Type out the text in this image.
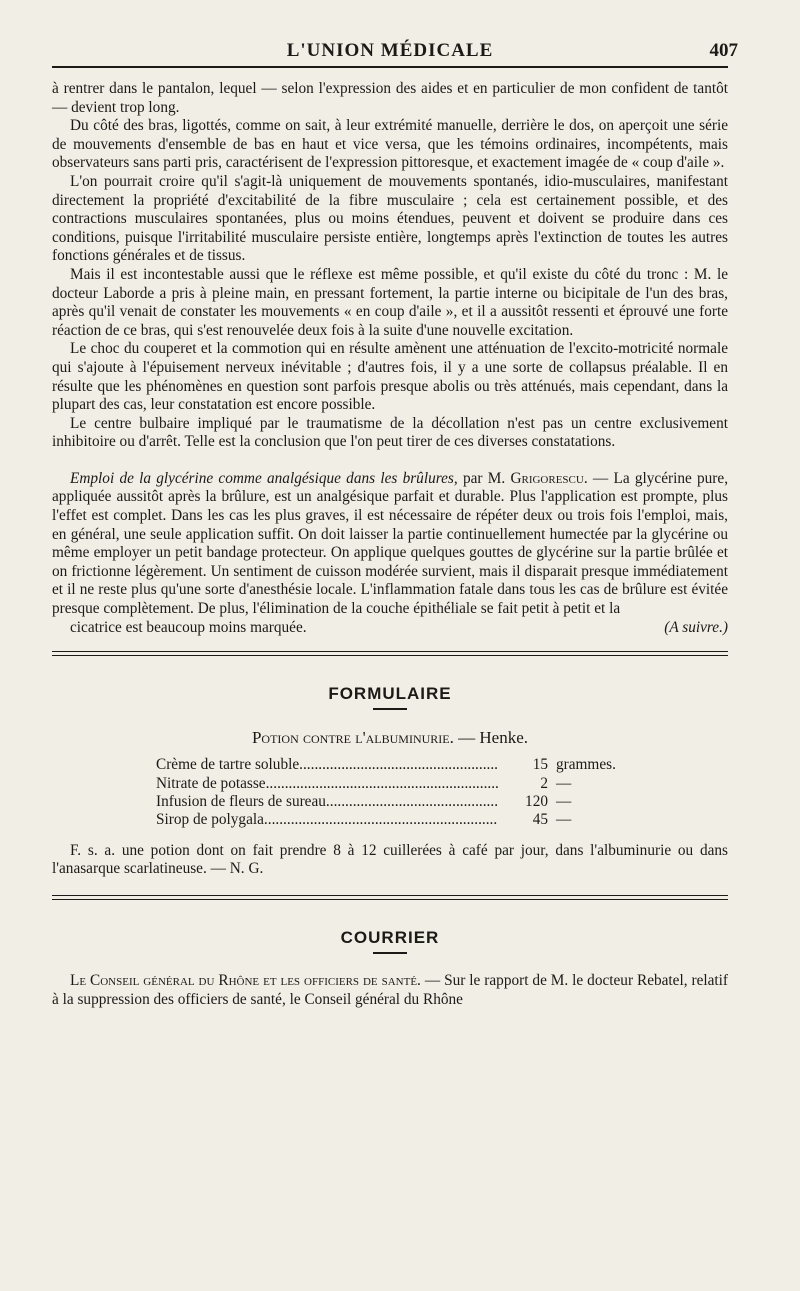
L'UNION MÉDICALE	407

à rentrer dans le pantalon, lequel — selon l'expression des aides et en particulier de mon confident de tantôt — devient trop long.

Du côté des bras, ligottés, comme on sait, à leur extrémité manuelle, derrière le dos, on aperçoit une série de mouvements d'ensemble de bas en haut et vice versa, que les témoins ordinaires, incompétents, mais observateurs sans parti pris, caractérisent de l'expression pittoresque, et exactement imagée de « coup d'aile ».

L'on pourrait croire qu'il s'agit-là uniquement de mouvements spontanés, idio-musculaires, manifestant directement la propriété d'excitabilité de la fibre musculaire ; cela est certainement possible, et des contractions musculaires spontanées, plus ou moins étendues, peuvent et doivent se produire dans ces conditions, puisque l'irritabilité musculaire persiste entière, longtemps après l'extinction de toutes les autres fonctions générales et de tissus.

Mais il est incontestable aussi que le réflexe est même possible, et qu'il existe du côté du tronc : M. le docteur Laborde a pris à pleine main, en pressant fortement, la partie interne ou bicipitale de l'un des bras, après qu'il venait de constater les mouvements « en coup d'aile », et il a aussitôt ressenti et éprouvé une forte réaction de ce bras, qui s'est renouvelée deux fois à la suite d'une nouvelle excitation.

Le choc du couperet et la commotion qui en résulte amènent une atténuation de l'excito-motricité normale qui s'ajoute à l'épuisement nerveux inévitable ; d'autres fois, il y a une sorte de collapsus préalable. Il en résulte que les phénomènes en question sont parfois presque abolis ou très atténués, mais cependant, dans la plupart des cas, leur constatation est encore possible.

Le centre bulbaire impliqué par le traumatisme de la décollation n'est pas un centre exclusivement inhibitoire ou d'arrêt. Telle est la conclusion que l'on peut tirer de ces diverses constatations.

Emploi de la glycérine comme analgésique dans les brûlures, par M. Grigorescu. — La glycérine pure, appliquée aussitôt après la brûlure, est un analgésique parfait et durable. Plus l'application est prompte, plus l'effet est complet. Dans les cas les plus graves, il est nécessaire de répéter deux ou trois fois l'emploi, mais, en général, une seule application suffit. On doit laisser la partie continuellement humectée par la glycérine ou même employer un petit bandage protecteur. On applique quelques gouttes de glycérine sur la partie brûlée et on frictionne légèrement. Un sentiment de cuisson modérée survient, mais il disparait presque immédiatement et il ne reste plus qu'une sorte d'anesthésie locale. L'inflammation fatale dans tous les cas de brûlure est évitée presque complètement. De plus, l'élimination de la couche épithéliale se fait petit à petit et la

cicatrice est beaucoup moins marquée.	(A suivre.)

FORMULAIRE
Potion contre l'albuminurie. — Henke.
Crème de tartre soluble .....	15 grammes.
Nitrate de potasse .....	2 —
Infusion de fleurs de sureau .....	120 —
Sirop de polygala .....	45 —

F. s. a. une potion dont on fait prendre 8 à 12 cuillerées à café par jour, dans l'albuminurie ou dans l'anasarque scarlatineuse. — N. G.

COURRIER

Le Conseil général du Rhône et les officiers de santé. — Sur le rapport de M. le docteur Rebatel, relatif à la suppression des officiers de santé, le Conseil général du Rhône
